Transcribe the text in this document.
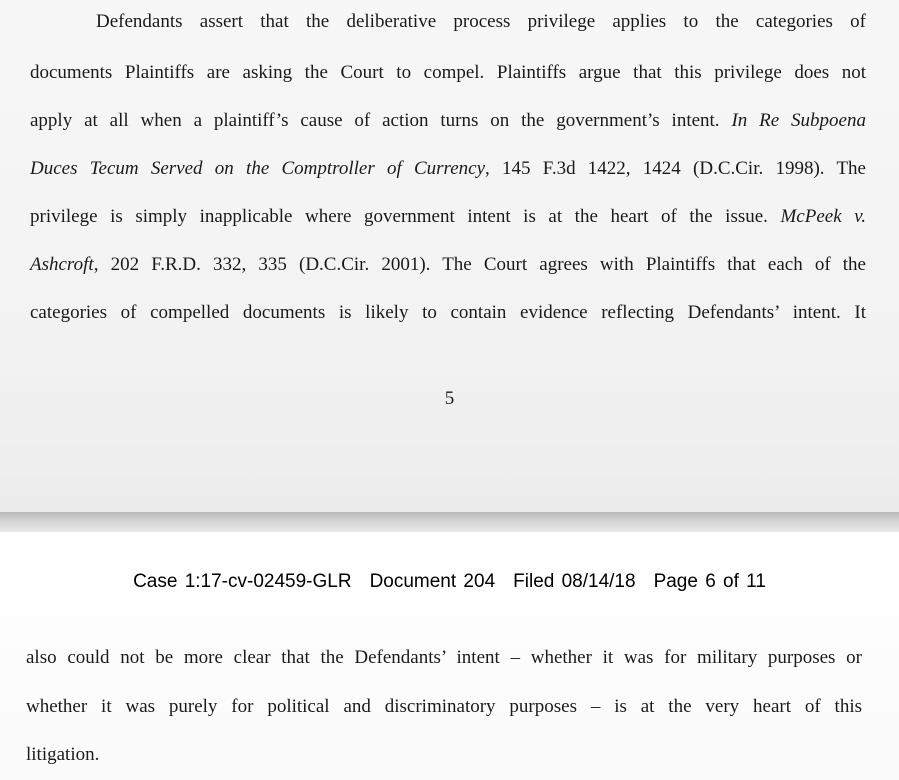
Defendants assert that the deliberative process privilege applies to the categories of

documents Plaintiffs are asking the Court to compel. Plaintiffs argue that this privilege does not

apply at all when a plaintiff’s cause of action turns on the government’s intent. In Re Subpoena

Duces Tecum Served on the Comptroller of Currency, 145 F.3d 1422, 1424 (D.C.Cir. 1998). The

privilege is simply inapplicable where government intent is at the heart of the issue. McPeek v.

Ashcroft, 202 F.R.D. 332, 335 (D.C.Cir. 2001). The Court agrees with Plaintiffs that each of the

categories of compelled documents is likely to contain evidence reflecting Defendants’ intent. It

5

Case 1:17-cv-02459-GLR Document 204 Filed 08/14/18 Page 6 of 11

also could not be more clear that the Defendants’ intent – whether it was for military purposes or

whether it was purely for political and discriminatory purposes – is at the very heart of this

litigation.
